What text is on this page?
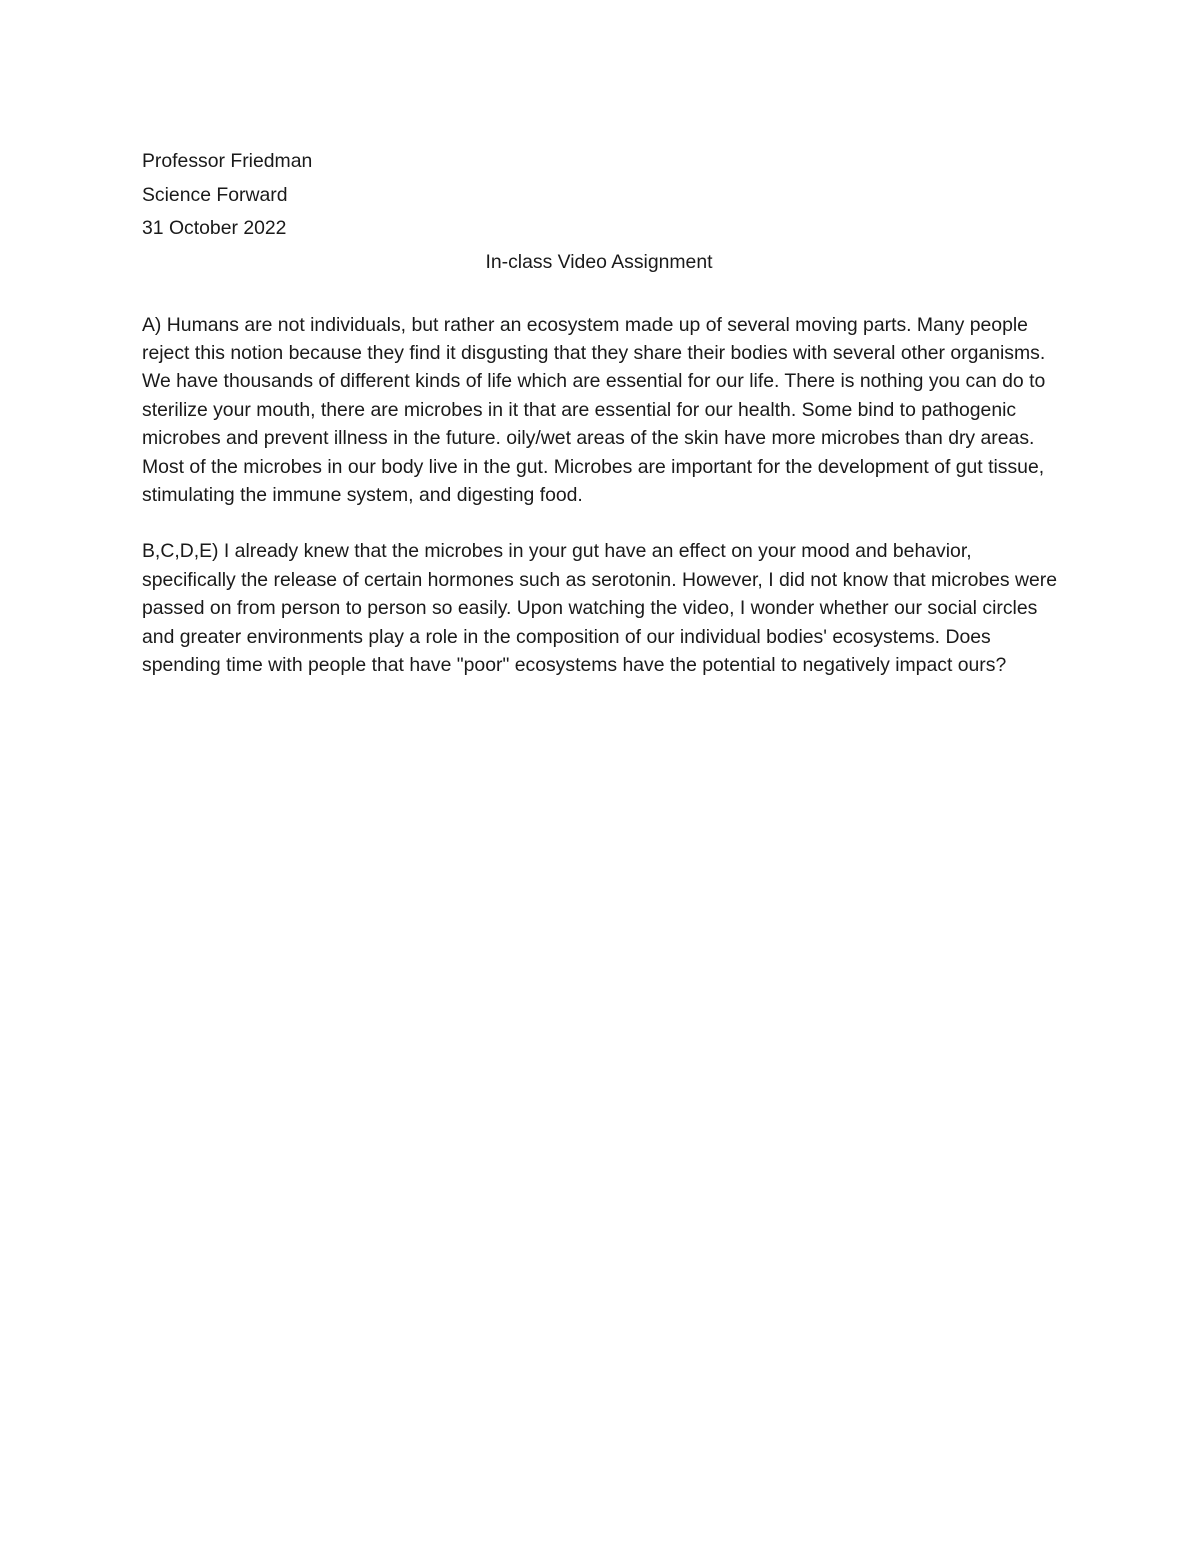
Professor Friedman

Science Forward

31 October 2022

In-class Video Assignment

A) Humans are not individuals, but rather an ecosystem made up of several moving parts. Many people reject this notion because they find it disgusting that they share their bodies with several other organisms. We have thousands of different kinds of life which are essential for our life. There is nothing you can do to sterilize your mouth, there are microbes in it that are essential for our health. Some bind to pathogenic microbes and prevent illness in the future. oily/wet areas of the skin have more microbes than dry areas. Most of the microbes in our body live in the gut. Microbes are important for the development of gut tissue, stimulating the immune system, and digesting food.

B,C,D,E) I already knew that the microbes in your gut have an effect on your mood and behavior, specifically the release of certain hormones such as serotonin. However, I did not know that microbes were passed on from person to person so easily. Upon watching the video, I wonder whether our social circles and greater environments play a role in the composition of our individual bodies' ecosystems. Does spending time with people that have "poor" ecosystems have the potential to negatively impact ours?
